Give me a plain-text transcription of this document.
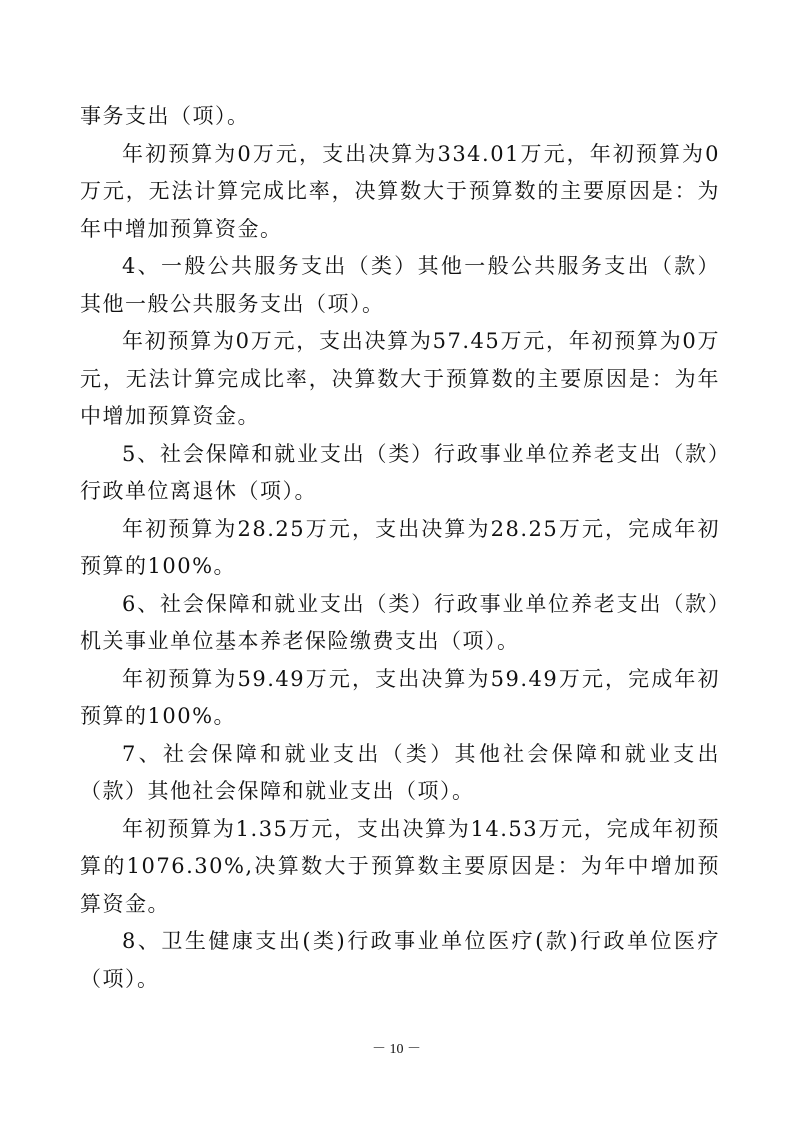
事务支出（项）。

年初预算为0万元，支出决算为334.01万元，年初预算为0万元，无法计算完成比率，决算数大于预算数的主要原因是：为年中增加预算资金。

4、一般公共服务支出（类）其他一般公共服务支出（款）其他一般公共服务支出（项）。

年初预算为0万元，支出决算为57.45万元，年初预算为0万元，无法计算完成比率，决算数大于预算数的主要原因是：为年中增加预算资金。

5、社会保障和就业支出（类）行政事业单位养老支出（款）行政单位离退休（项）。

年初预算为28.25万元，支出决算为28.25万元，完成年初预算的100%。

6、社会保障和就业支出（类）行政事业单位养老支出（款）机关事业单位基本养老保险缴费支出（项）。

年初预算为59.49万元，支出决算为59.49万元，完成年初预算的100%。

7、社会保障和就业支出（类）其他社会保障和就业支出（款）其他社会保障和就业支出（项）。

年初预算为1.35万元，支出决算为14.53万元，完成年初预算的1076.30%,决算数大于预算数主要原因是：为年中增加预算资金。

8、卫生健康支出(类)行政事业单位医疗(款)行政单位医疗（项）。

－ 10 －
